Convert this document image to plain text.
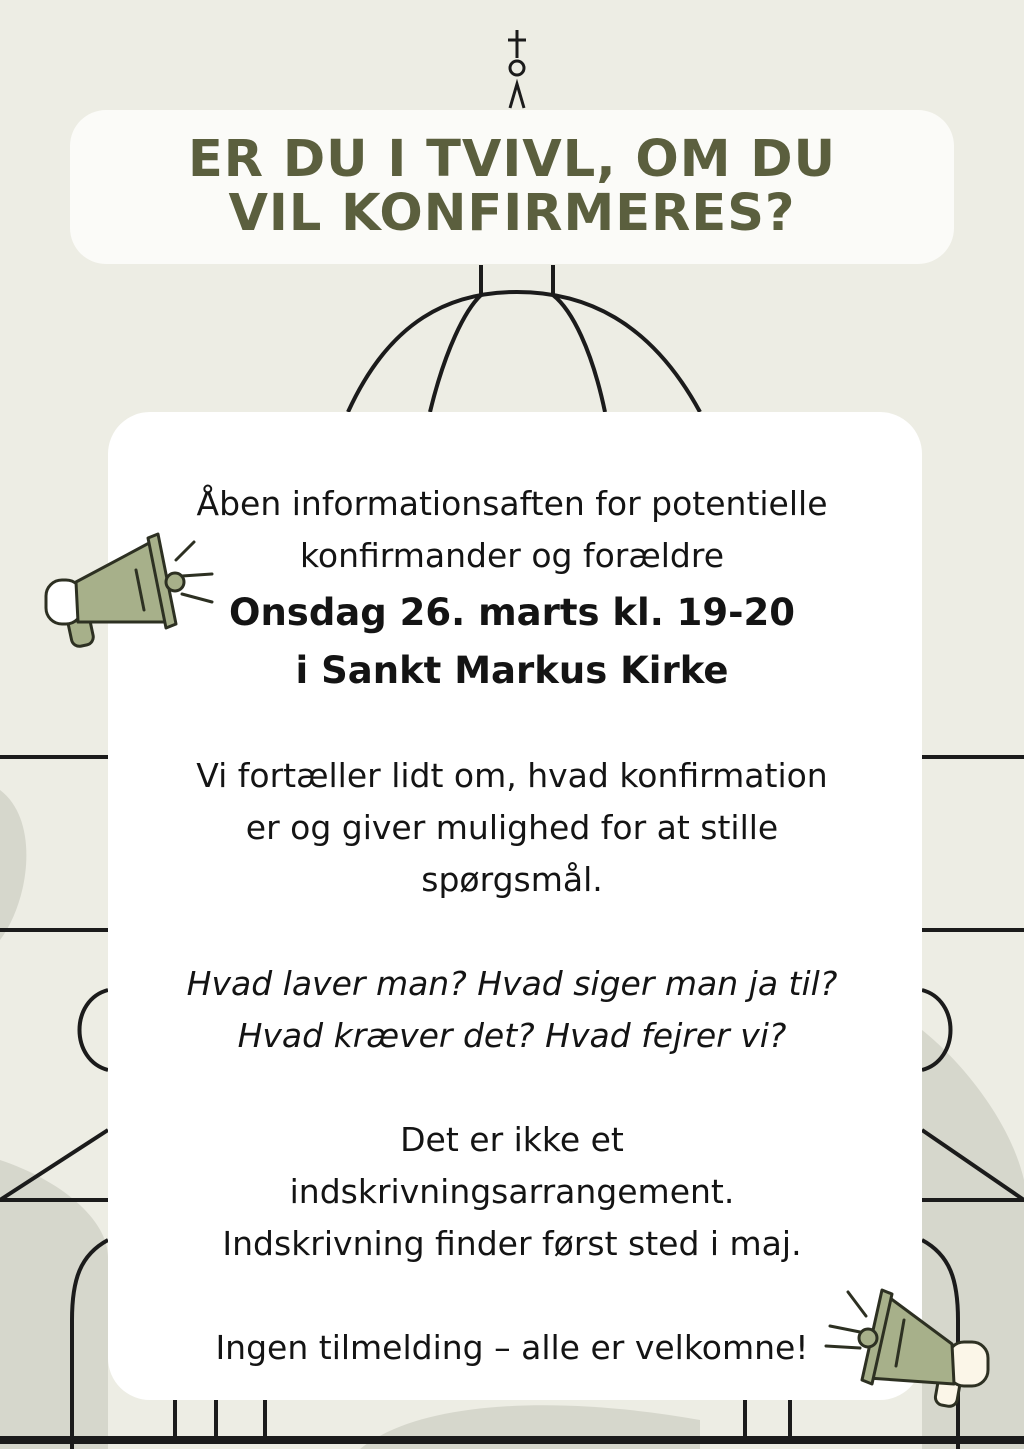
ER DU I TVIVL, OM DU
VIL KONFIRMERES?

Åben informationsaften for potentielle

konfirmander og forældre

Onsdag 26. marts kl. 19-20

i Sankt Markus Kirke

Vi fortæller lidt om, hvad konfirmation

er og giver mulighed for at stille

spørgsmål.

Hvad laver man? Hvad siger man ja til?

Hvad kræver det? Hvad fejrer vi?

Det er ikke et

indskrivningsarrangement.

Indskrivning finder først sted i maj.

Ingen tilmelding – alle er velkomne!
